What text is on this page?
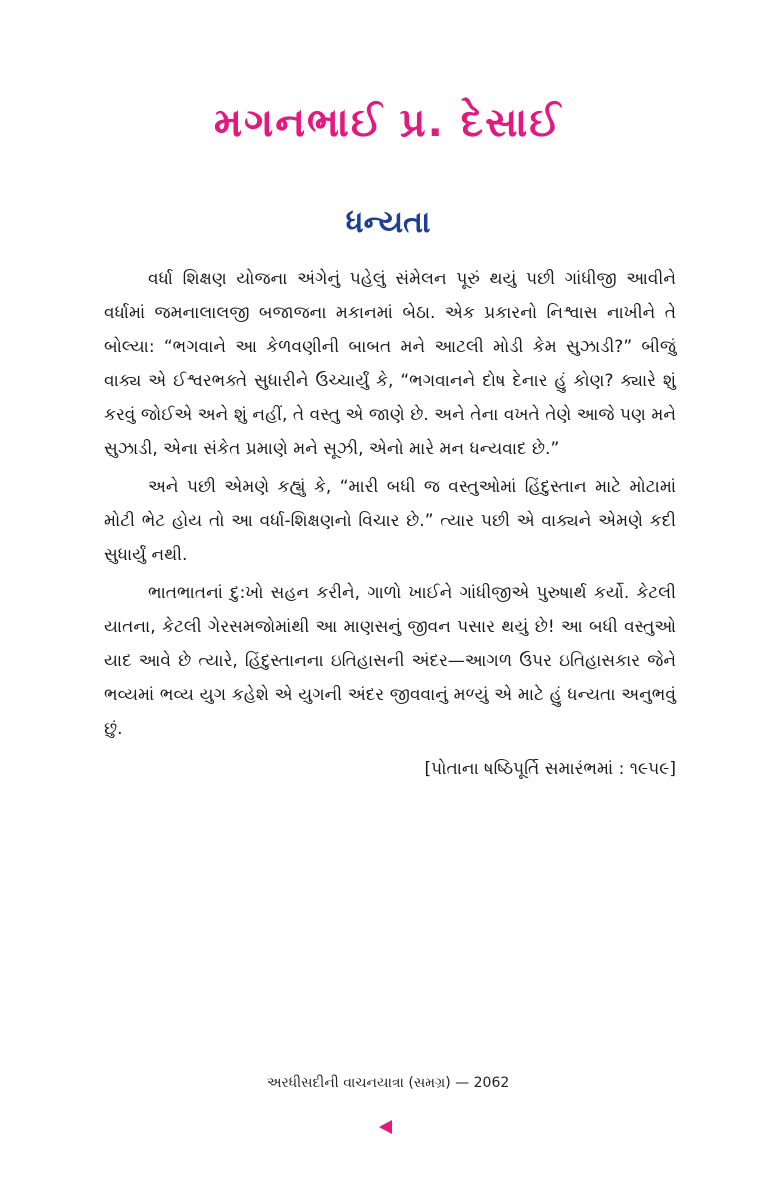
મગનભાઈ પ્ર. દેસાઈ
ધન્યતા

વર્ધા શિક્ષણ યોજના અંગેનું પહેલું સંમેલન પૂરું થયું પછી ગાંધીજી આવીને વર્ધામાં જમનાલાલજી બજાજના મકાનમાં બેઠા. એક પ્રકારનો નિશ્વાસ નાખીને તે બોલ્યા: “ભગવાને આ કેળવણીની બાબત મને આટલી મોડી કેમ સુઝાડી?” બીજું વાક્ય એ ઈશ્વરભક્તે સુધારીને ઉચ્ચાર્યું કે, “ભગવાનને દોષ દેનાર હું કોણ? ક્યારે શું કરવું જોઈએ અને શું નહીં, તે વસ્તુ એ જાણે છે. અને તેના વખતે તેણે આજે પણ મને સુઝાડી, એના સંકેત પ્રમાણે મને સૂઝી, એનો મારે મન ધન્યવાદ છે.”

અને પછી એમણે કહ્યું કે, “મારી બધી જ વસ્તુઓમાં હિંદુસ્તાન માટે મોટામાં મોટી ભેટ હોય તો આ વર્ધા-શિક્ષણનો વિચાર છે.” ત્યાર પછી એ વાક્યને એમણે કદી સુધાર્યું નથી.

ભાતભાતનાં દુ:ખો સહન કરીને, ગાળો ખાઈને ગાંધીજીએ પુરુષાર્થ કર્યો. કેટલી યાતના, કેટલી ગેરસમજોમાંથી આ માણસનું જીવન પસાર થયું છે! આ બધી વસ્તુઓ યાદ આવે છે ત્યારે, હિંદુસ્તાનના ઇતિહાસની અંદર—આગળ ઉપર ઇતિહાસકાર જેને ભવ્યમાં ભવ્ય યુગ કહેશે એ યુગની અંદર જીવવાનું મળ્યું એ માટે હું ધન્યતા અનુભવું છું.

[પોતાના ષષ્ઠિપૂર્તિ સમારંભમાં : ૧૯૫૯]
અરધીસદીની વાચનયાત્રા (સમગ્ર) — 2062
